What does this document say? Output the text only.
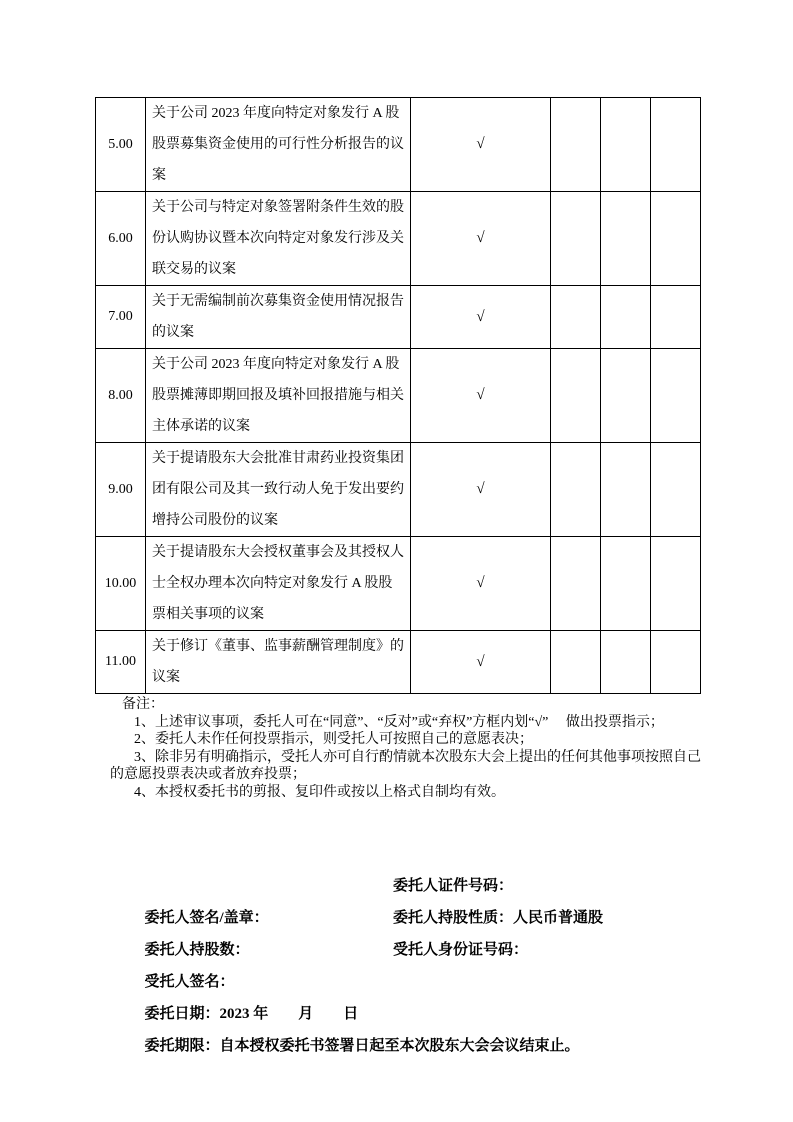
5.00	关于公司 2023 年度向特定对象发行 A 股股票募集资金使用的可行性分析报告的议案	√			
6.00	关于公司与特定对象签署附条件生效的股份认购协议暨本次向特定对象发行涉及关联交易的议案	√			
7.00	关于无需编制前次募集资金使用情况报告的议案	√			
8.00	关于公司 2023 年度向特定对象发行 A 股股票摊薄即期回报及填补回报措施与相关主体承诺的议案	√			
9.00	关于提请股东大会批准甘肃药业投资集团团有限公司及其一致行动人免于发出要约增持公司股份的议案	√			
10.00	关于提请股东大会授权董事会及其授权人士全权办理本次向特定对象发行 A 股股票相关事项的议案	√			
11.00	关于修订《董事、监事薪酬管理制度》的议案	√			
备注：

1、上述审议事项，委托人可在“同意”、“反对”或“弃权”方框内划“√”　 做出投票指示；

2、委托人未作任何投票指示，则受托人可按照自己的意愿表决；

3、除非另有明确指示，受托人亦可自行酌情就本次股东大会上提出的任何其他事项按照自己的意愿投票表决或者放弃投票；

4、本授权委托书的剪报、复印件或按以上格式自制均有效。

委托人签名/盖章：

委托人证件号码：

委托人持股数：

委托人持股性质：人民币普通股

受托人签名：

受托人身份证号码：

委托日期：2023 年　　月　　日

委托期限：自本授权委托书签署日起至本次股东大会会议结束止。
